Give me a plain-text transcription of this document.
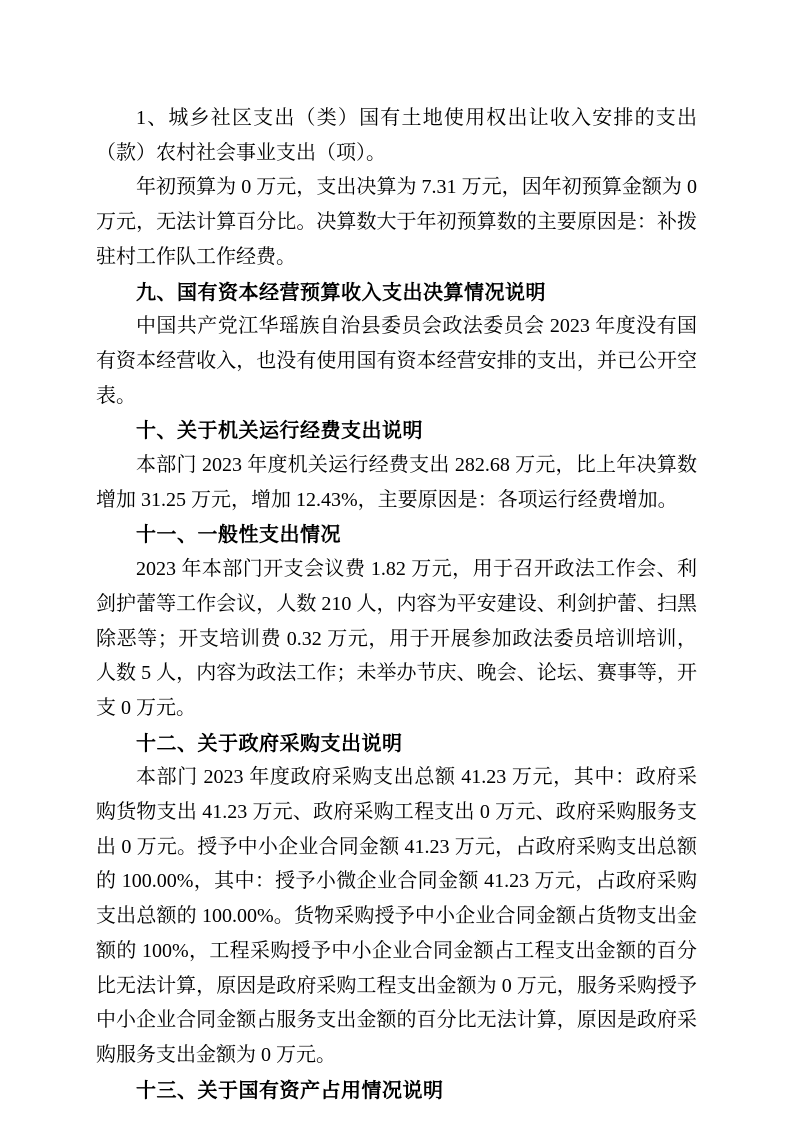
1、城乡社区支出（类）国有土地使用权出让收入安排的支出（款）农村社会事业支出（项）。

年初预算为 0 万元，支出决算为 7.31 万元，因年初预算金额为 0 万元，无法计算百分比。决算数大于年初预算数的主要原因是：补拨驻村工作队工作经费。

九、国有资本经营预算收入支出决算情况说明

中国共产党江华瑶族自治县委员会政法委员会 2023 年度没有国有资本经营收入，也没有使用国有资本经营安排的支出，并已公开空表。

十、关于机关运行经费支出说明

本部门 2023 年度机关运行经费支出 282.68 万元，比上年决算数增加 31.25 万元，增加 12.43%，主要原因是：各项运行经费增加。

十一、一般性支出情况

2023 年本部门开支会议费 1.82 万元，用于召开政法工作会、利剑护蕾等工作会议，人数 210 人，内容为平安建设、利剑护蕾、扫黑除恶等；开支培训费 0.32 万元，用于开展参加政法委员培训培训，人数 5 人，内容为政法工作；未举办节庆、晚会、论坛、赛事等，开支 0 万元。

十二、关于政府采购支出说明

本部门 2023 年度政府采购支出总额 41.23 万元，其中：政府采购货物支出 41.23 万元、政府采购工程支出 0 万元、政府采购服务支出 0 万元。授予中小企业合同金额 41.23 万元，占政府采购支出总额的 100.00%，其中：授予小微企业合同金额 41.23 万元，占政府采购支出总额的 100.00%。货物采购授予中小企业合同金额占货物支出金额的 100%，工程采购授予中小企业合同金额占工程支出金额的百分比无法计算，原因是政府采购工程支出金额为 0 万元，服务采购授予中小企业合同金额占服务支出金额的百分比无法计算，原因是政府采购服务支出金额为 0 万元。

十三、关于国有资产占用情况说明
